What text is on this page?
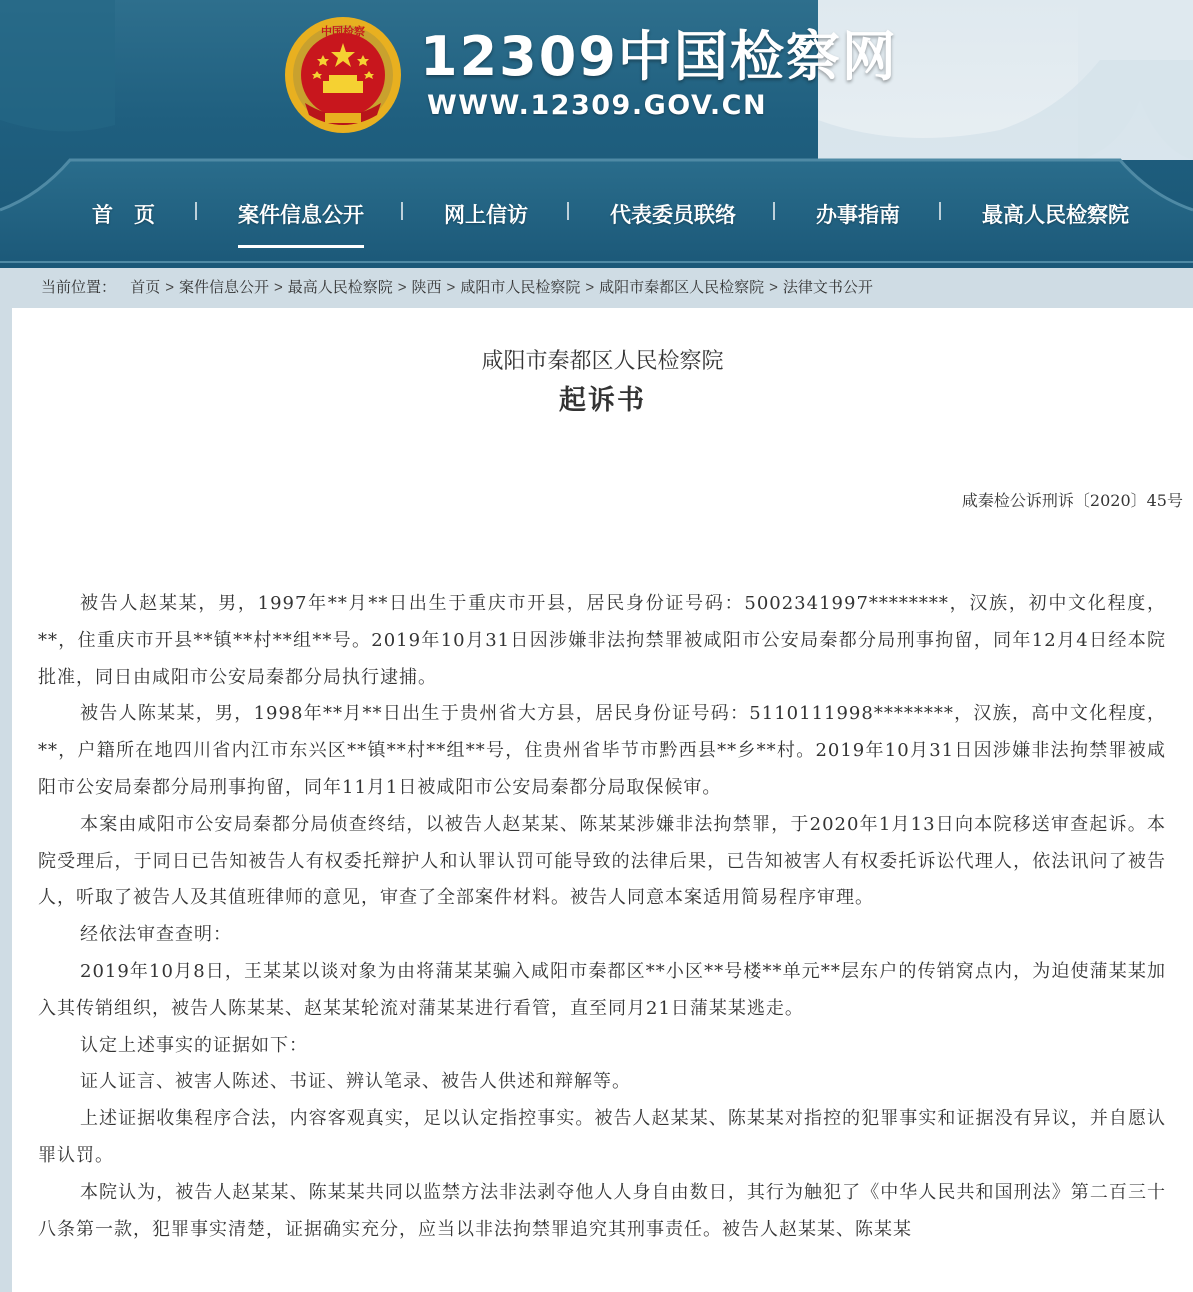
中国检察 12309中国检察网
WWW.12309.GOV.CN
首　页	案件信息公开	网上信访	代表委员联络	办事指南	最高人民检察院
当前位置： 首页 > 案件信息公开 > 最高人民检察院 > 陕西 > 咸阳市人民检察院 > 咸阳市秦都区人民检察院 > 法律文书公开
咸阳市秦都区人民检察院
起诉书
咸秦检公诉刑诉〔2020〕45号

被告人赵某某，男，1997年**月**日出生于重庆市开县，居民身份证号码：5002341997********，汉族，初中文化程度，**，住重庆市开县**镇**村**组**号。2019年10月31日因涉嫌非法拘禁罪被咸阳市公安局秦都分局刑事拘留，同年12月4日经本院批准，同日由咸阳市公安局秦都分局执行逮捕。

被告人陈某某，男，1998年**月**日出生于贵州省大方县，居民身份证号码：5110111998********，汉族，高中文化程度，**，户籍所在地四川省内江市东兴区**镇**村**组**号，住贵州省毕节市黔西县**乡**村。2019年10月31日因涉嫌非法拘禁罪被咸阳市公安局秦都分局刑事拘留，同年11月1日被咸阳市公安局秦都分局取保候审。

本案由咸阳市公安局秦都分局侦查终结，以被告人赵某某、陈某某涉嫌非法拘禁罪，于2020年1月13日向本院移送审查起诉。本院受理后，于同日已告知被告人有权委托辩护人和认罪认罚可能导致的法律后果，已告知被害人有权委托诉讼代理人，依法讯问了被告人，听取了被告人及其值班律师的意见，审查了全部案件材料。被告人同意本案适用简易程序审理。

经依法审查查明：

2019年10月8日，王某某以谈对象为由将蒲某某骗入咸阳市秦都区**小区**号楼**单元**层东户的传销窝点内，为迫使蒲某某加入其传销组织，被告人陈某某、赵某某轮流对蒲某某进行看管，直至同月21日蒲某某逃走。

认定上述事实的证据如下：

证人证言、被害人陈述、书证、辨认笔录、被告人供述和辩解等。

上述证据收集程序合法，内容客观真实，足以认定指控事实。被告人赵某某、陈某某对指控的犯罪事实和证据没有异议，并自愿认罪认罚。

本院认为，被告人赵某某、陈某某共同以监禁方法非法剥夺他人人身自由数日，其行为触犯了《中华人民共和国刑法》第二百三十八条第一款，犯罪事实清楚，证据确实充分，应当以非法拘禁罪追究其刑事责任。被告人赵某某、陈某某
